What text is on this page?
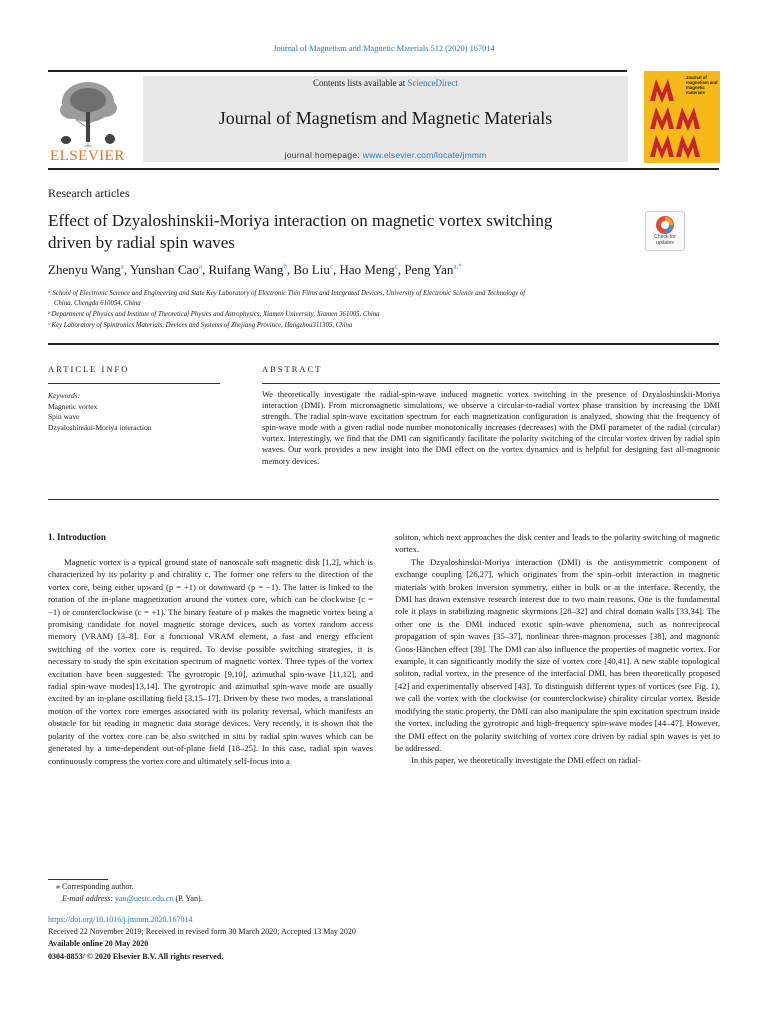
Journal of Magnetism and Magnetic Materials 512 (2020) 167014
ELSEVIER
Contents lists available at ScienceDirect
Journal of Magnetism and Magnetic Materials
journal homepage: www.elsevier.com/locate/jmmm
Journal of magnetism and magnetic materials
Research articles
Effect of Dzyaloshinskii-Moriya interaction on magnetic vortex switching
driven by radial spin waves	Check for updates
Zhenyu Wang$^a$, Yunshan Cao$^a$, Ruifang Wang$^b$, Bo Liu$^c$, Hao Meng$^c$, Peng Yan$^{a,*}$
ᵃ School of Electronic Science and Engineering and State Key Laboratory of Electronic Thin Films and Integrated Devices, University of Electronic Science and Technology of
China, Chengdu 610054, China
ᵇ Department of Physics and Institute of Theoretical Physics and Astrophysics, Xiamen University, Xiamen 361005, China
ᶜ Key Laboratory of Spintronics Materials, Devices and Systems of Zhejiang Province, Hangzhou311305, China
ARTICLE INFO	ABSTRACT
Keywords:
Magnetic vortex
Spin wave
Dzyaloshinskii-Moriya interaction
We theoretically investigate the radial-spin-wave induced magnetic vortex switching in the presence of Dzyaloshinskii-Moriya interaction (DMI). From micromagnetic simulations, we observe a circular-to-radial vortex phase transition by increasing the DMI strength. The radial spin-wave excitation spectrum for each magnetization configuration is analyzed, showing that the frequency of spin-wave mode with a given radial node number monotonically increases (decreases) with the DMI parameter of the radial (circular) vortex. Interestingly, we find that the DMI can significantly facilitate the polarity switching of the circular vortex driven by radial spin waves. Our work provides a new insight into the DMI effect on the vortex dynamics and is helpful for designing fast all-magnonic memory devices.
1. Introduction

Magnetic vortex is a typical ground state of nanoscale soft magnetic disk [1,2], which is characterized by its polarity p and chirality c. The former one refers to the direction of the vortex core, being either upward (p = +1) or downward (p = −1). The latter is linked to the rotation of the in-plane magnetization around the vortex core, which can be clockwise (c = −1) or counterclockwise (c = +1). The binary feature of p makes the magnetic vortex being a promising candidate for novel magnetic storage devices, such as vortex random access memory (VRAM) [3–8]. For a functional VRAM element, a fast and energy efficient switching of the vortex core is required. To devise possible switching strategies, it is necessary to study the spin excitation spectrum of magnetic vortex. Three types of the vortex excitation have been suggested: The gyrotropic [9,10], azimuthal spin-wave [11,12], and radial spin-wave modes[13,14]. The gyrotropic and azimuthal spin-wave mode are usually excited by an in-plane oscillating field [3,15–17]. Driven by these two modes, a translational motion of the vortex core emerges associated with its polarity reversal, which manifests an obstacle for bit reading in magnetic data storage devices. Very recently, it is shown that the polarity of the vortex core can be also switched in situ by radial spin waves which can be generated by a time-dependent out-of-plane field [18–25]. In this case, radial spin waves continuously compress the vortex core and ultimately self-focus into a

soliton, which next approaches the disk center and leads to the polarity switching of magnetic vortex.

The Dzyaloshinskii-Moriya interaction (DMI) is the antisymmetric component of exchange coupling [26,27], which originates from the spin–orbit interaction in magnetic materials with broken inversion symmetry, either in bulk or at the interface. Recently, the DMI has drawn extensive research interest due to two main reasons. One is the fundamental role it plays in stabilizing magnetic skyrmions [28–32] and chiral domain walls [33,34]. The other one is the DMI induced exotic spin-wave phenomena, such as nonreciprocal propagation of spin waves [35–37], nonlinear three-magnon processes [38], and magnonic Goos-Hänchen effect [39]. The DMI can also influence the properties of magnetic vortex. For example, it can significantly modify the size of vortex core [40,41]. A new stable topological soliton, radial vortex, in the presence of the interfacial DMI, has been theoretically proposed [42] and experimentally observed [43]. To distinguish different types of vortices (see Fig. 1), we call the vortex with the clockwise (or counterclockwise) chirality circular vortex. Beside modifying the static property, the DMI can also manipulate the spin excitation spectrum inside the vortex, including the gyrotropic and high-frequency spin-wave modes [44–47]. However, the DMI effect on the polarity switching of vortex core driven by radial spin waves is yet to be addressed.

In this paper, we theoretically investigate the DMI effect on radial-

⁎ Corresponding author.
E-mail address: yan@uestc.edu.cn (P. Yan).
https://doi.org/10.1016/j.jmmm.2020.167014
Received 22 November 2019; Received in revised form 30 March 2020; Accepted 13 May 2020
Available online 20 May 2020
0304-8853/ © 2020 Elsevier B.V. All rights reserved.
